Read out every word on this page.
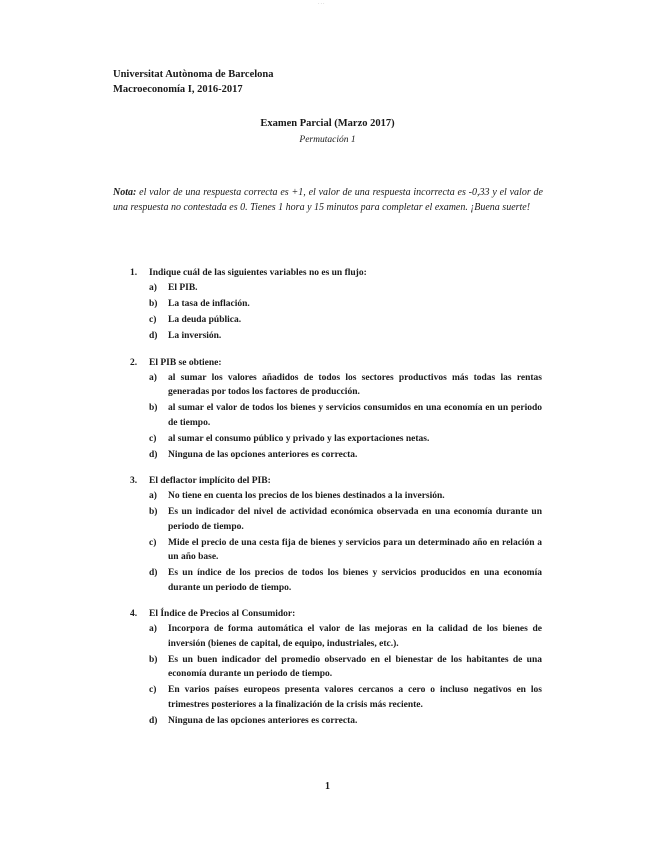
...
Universitat Autònoma de Barcelona
Macroeconomía I, 2016-2017
Examen Parcial (Marzo 2017)
Permutación 1
Nota: el valor de una respuesta correcta es +1, el valor de una respuesta incorrecta es -0,33 y el valor de una respuesta no contestada es 0. Tienes 1 hora y 15 minutos para completar el examen. ¡Buena suerte!
1.	Indique cuál de las siguientes variables no es un flujo:
a)	El PIB.
b)	La tasa de inflación.
c)	La deuda pública.
d)	La inversión.
2.	El PIB se obtiene:
a)	al sumar los valores añadidos de todos los sectores productivos más todas las rentas generadas por todos los factores de producción.
b)	al sumar el valor de todos los bienes y servicios consumidos en una economía en un periodo de tiempo.
c)	al sumar el consumo público y privado y las exportaciones netas.
d)	Ninguna de las opciones anteriores es correcta.
3.	El deflactor implícito del PIB:
a)	No tiene en cuenta los precios de los bienes destinados a la inversión.
b)	Es un indicador del nivel de actividad económica observada en una economía durante un periodo de tiempo.
c)	Mide el precio de una cesta fija de bienes y servicios para un determinado año en relación a un año base.
d)	Es un índice de los precios de todos los bienes y servicios producidos en una economía durante un periodo de tiempo.
4.	El Índice de Precios al Consumidor:
a)	Incorpora de forma automática el valor de las mejoras en la calidad de los bienes de inversión (bienes de capital, de equipo, industriales, etc.).
b)	Es un buen indicador del promedio observado en el bienestar de los habitantes de una economía durante un periodo de tiempo.
c)	En varios países europeos presenta valores cercanos a cero o incluso negativos en los trimestres posteriores a la finalización de la crisis más reciente.
d)	Ninguna de las opciones anteriores es correcta.
1
